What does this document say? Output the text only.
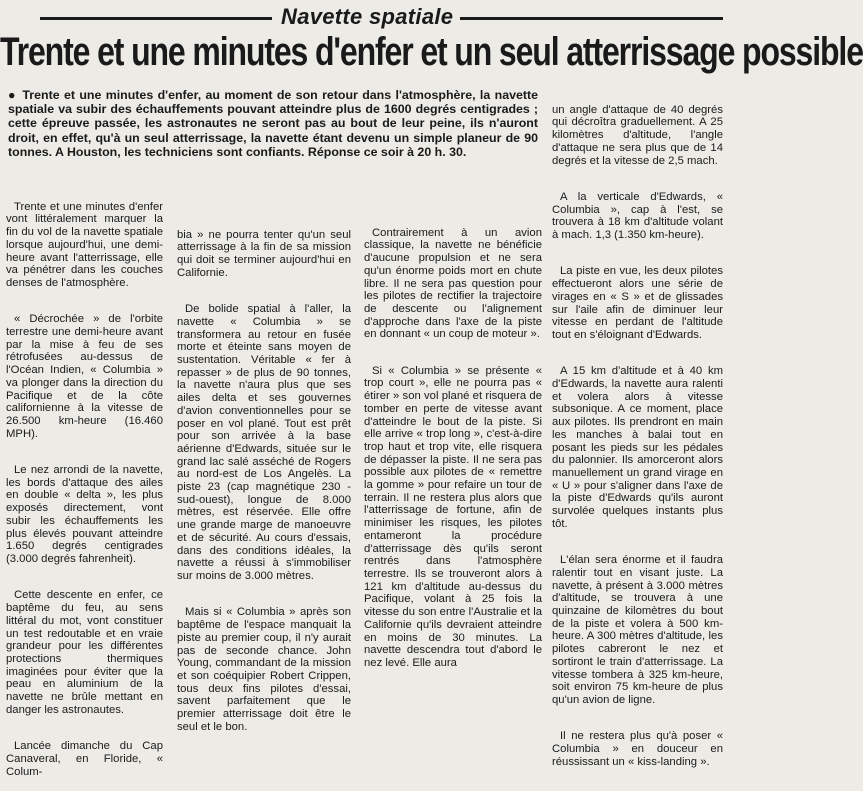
Navette spatiale
Trente et une minutes d'enfer et un seul atterrissage possible
● Trente et une minutes d'enfer, au moment de son retour dans l'atmosphère, la navette spatiale va subir des échauffements pouvant atteindre plus de 1600 degrés centigrades ; cette épreuve passée, les astronautes ne seront pas au bout de leur peine, ils n'auront droit, en effet, qu'à un seul atterrissage, la navette étant devenu un simple planeur de 90 tonnes. A Houston, les techniciens sont confiants. Réponse ce soir à 20 h. 30.

Trente et une minutes d'enfer vont littéralement marquer la fin du vol de la navette spatiale lorsque aujourd'hui, une demi-heure avant l'atterrissage, elle va pénétrer dans les couches denses de l'atmosphère.

« Décrochée » de l'orbite terrestre une demi-heure avant par la mise à feu de ses rétrofusées au-dessus de l'Océan Indien, « Columbia » va plonger dans la direction du Pacifique et de la côte californienne à la vitesse de 26.500 km-heure (16.460 MPH).

Le nez arrondi de la navette, les bords d'attaque des ailes en double « delta », les plus exposés directement, vont subir les échauffements les plus élevés pouvant atteindre 1.650 degrés centigrades (3.000 degrés fahrenheit).

Cette descente en enfer, ce baptême du feu, au sens littéral du mot, vont constituer un test redoutable et en vraie grandeur pour les différentes protections thermiques imaginées pour éviter que la peau en aluminium de la navette ne brûle mettant en danger les astronautes.

Lancée dimanche du Cap Canaveral, en Floride, « Colum-

bia » ne pourra tenter qu'un seul atterrissage à la fin de sa mission qui doit se terminer aujourd'hui en Californie.

De bolide spatial à l'aller, la navette « Columbia » se transformera au retour en fusée morte et éteinte sans moyen de sustentation. Véritable « fer à repasser » de plus de 90 tonnes, la navette n'aura plus que ses ailes delta et ses gouvernes d'avion conventionnelles pour se poser en vol plané. Tout est prêt pour son arrivée à la base aérienne d'Edwards, située sur le grand lac salé asséché de Rogers au nord-est de Los Angelès. La piste 23 (cap magnétique 230 - sud-ouest), longue de 8.000 mètres, est réservée. Elle offre une grande marge de manoeuvre et de sécurité. Au cours d'essais, dans des conditions idéales, la navette a réussi à s'immobiliser sur moins de 3.000 mètres.

Mais si « Columbia » après son baptême de l'espace manquait la piste au premier coup, il n'y aurait pas de seconde chance. John Young, commandant de la mission et son coéquipier Robert Crippen, tous deux fins pilotes d'essai, savent parfaitement que le premier atterrissage doit être le seul et le bon.

Contrairement à un avion classique, la navette ne bénéficie d'aucune propulsion et ne sera qu'un énorme poids mort en chute libre. Il ne sera pas question pour les pilotes de rectifier la trajectoire de descente ou l'alignement d'approche dans l'axe de la piste en donnant « un coup de moteur ».

Si « Columbia » se présente « trop court », elle ne pourra pas « étirer » son vol plané et risquera de tomber en perte de vitesse avant d'atteindre le bout de la piste. Si elle arrive « trop long », c'est-à-dire trop haut et trop vite, elle risquera de dépasser la piste. Il ne sera pas possible aux pilotes de « remettre la gomme » pour refaire un tour de terrain. Il ne restera plus alors que l'atterrissage de fortune, afin de minimiser les risques, les pilotes entameront la procédure d'atterrissage dès qu'ils seront rentrés dans l'atmosphère terrestre. Ils se trouveront alors à 121 km d'altitude au-dessus du Pacifique, volant à 25 fois la vitesse du son entre l'Australie et la Californie qu'ils devraient atteindre en moins de 30 minutes. La navette descendra tout d'abord le nez levé. Elle aura

un angle d'attaque de 40 degrés qui décroîtra graduellement. A 25 kilomètres d'altitude, l'angle d'attaque ne sera plus que de 14 degrés et la vitesse de 2,5 mach.

A la verticale d'Edwards, « Columbia », cap à l'est, se trouvera à 18 km d'altitude volant à mach. 1,3 (1.350 km-heure).

La piste en vue, les deux pilotes effectueront alors une série de virages en « S » et de glissades sur l'aile afin de diminuer leur vitesse en perdant de l'altitude tout en s'éloignant d'Edwards.

A 15 km d'altitude et à 40 km d'Edwards, la navette aura ralenti et volera alors à vitesse subsonique. A ce moment, place aux pilotes. Ils prendront en main les manches à balai tout en posant les pieds sur les pédales du palonnier. Ils amorceront alors manuellement un grand virage en « U » pour s'aligner dans l'axe de la piste d'Edwards qu'ils auront survolée quelques instants plus tôt.

L'élan sera énorme et il faudra ralentir tout en visant juste. La navette, à présent à 3.000 mètres d'altitude, se trouvera à une quinzaine de kilomètres du bout de la piste et volera à 500 km-heure. A 300 mètres d'altitude, les pilotes cabreront le nez et sortiront le train d'atterrissage. La vitesse tombera à 325 km-heure, soit environ 75 km-heure de plus qu'un avion de ligne.

Il ne restera plus qu'à poser « Columbia » en douceur en réussissant un « kiss-landing ».
